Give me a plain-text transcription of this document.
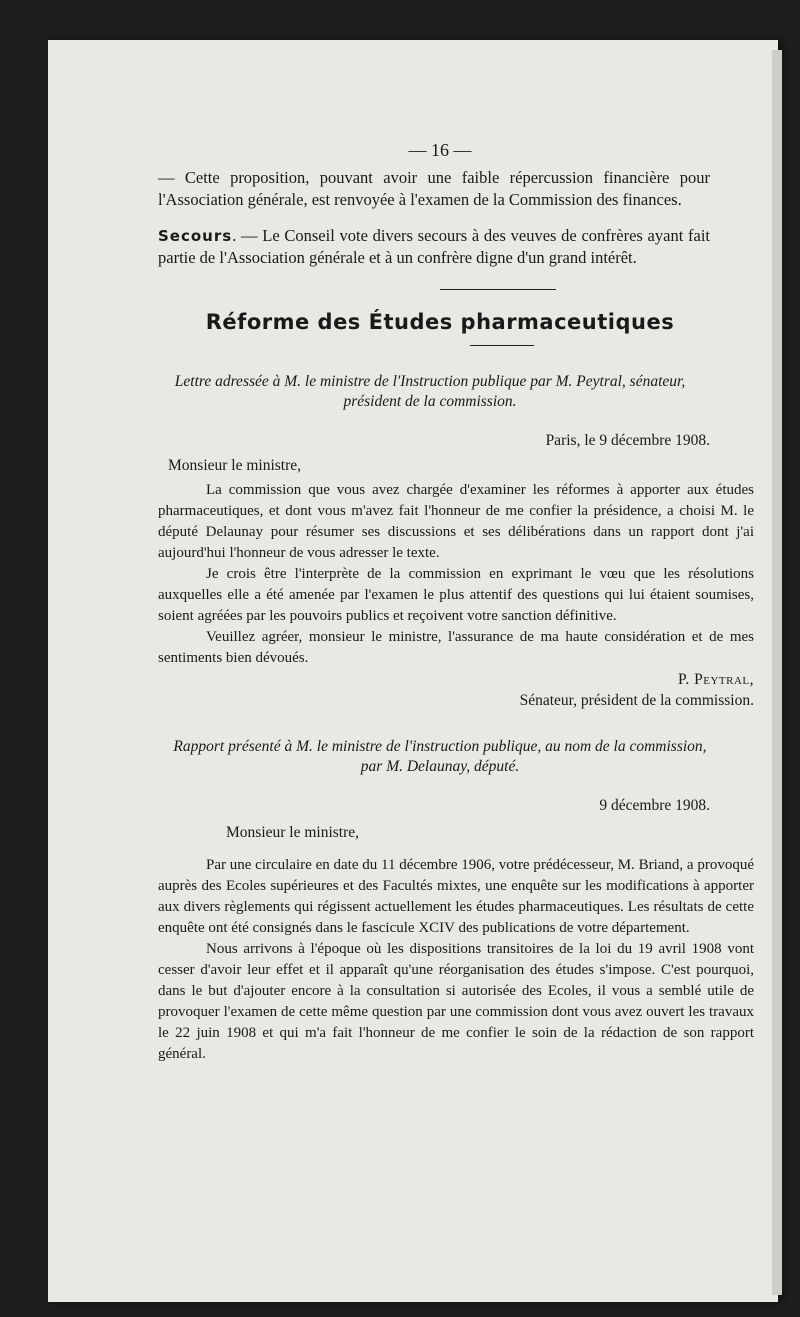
— 16 —

— Cette proposition, pouvant avoir une faible répercussion financière pour l'Association générale, est renvoyée à l'examen de la Commission des finances.

Secours. — Le Conseil vote divers secours à des veuves de confrères ayant fait partie de l'Association générale et à un confrère digne d'un grand intérêt.

Réforme des Études pharmaceutiques
Lettre adressée à M. le ministre de l'Instruction publique par M. Peytral, sénateur,
président de la commission.
Paris, le 9 décembre 1908.
Monsieur le ministre,

La commission que vous avez chargée d'examiner les réformes à apporter aux études pharmaceutiques, et dont vous m'avez fait l'honneur de me confier la présidence, a choisi M. le député Delaunay pour résumer ses discussions et ses délibérations dans un rapport dont j'ai aujourd'hui l'honneur de vous adresser le texte.

Je crois être l'interprète de la commission en exprimant le vœu que les résolutions auxquelles elle a été amenée par l'examen le plus attentif des questions qui lui étaient soumises, soient agréées par les pouvoirs publics et reçoivent votre sanction définitive.

Veuillez agréer, monsieur le ministre, l'assurance de ma haute considération et de mes sentiments bien dévoués.

P. Peytral,
Sénateur, président de la commission.
Rapport présenté à M. le ministre de l'instruction publique, au nom de la commission,
par M. Delaunay, député.
9 décembre 1908.
Monsieur le ministre,

Par une circulaire en date du 11 décembre 1906, votre prédécesseur, M. Briand, a provoqué auprès des Ecoles supérieures et des Facultés mixtes, une enquête sur les modifications à apporter aux divers règlements qui régissent actuellement les études pharmaceutiques. Les résultats de cette enquête ont été consignés dans le fascicule XCIV des publications de votre département.

Nous arrivons à l'époque où les dispositions transitoires de la loi du 19 avril 1908 vont cesser d'avoir leur effet et il apparaît qu'une réorganisation des études s'impose. C'est pourquoi, dans le but d'ajouter encore à la consultation si autorisée des Ecoles, il vous a semblé utile de provoquer l'examen de cette même question par une commission dont vous avez ouvert les travaux le 22 juin 1908 et qui m'a fait l'honneur de me confier le soin de la rédaction de son rapport général.
